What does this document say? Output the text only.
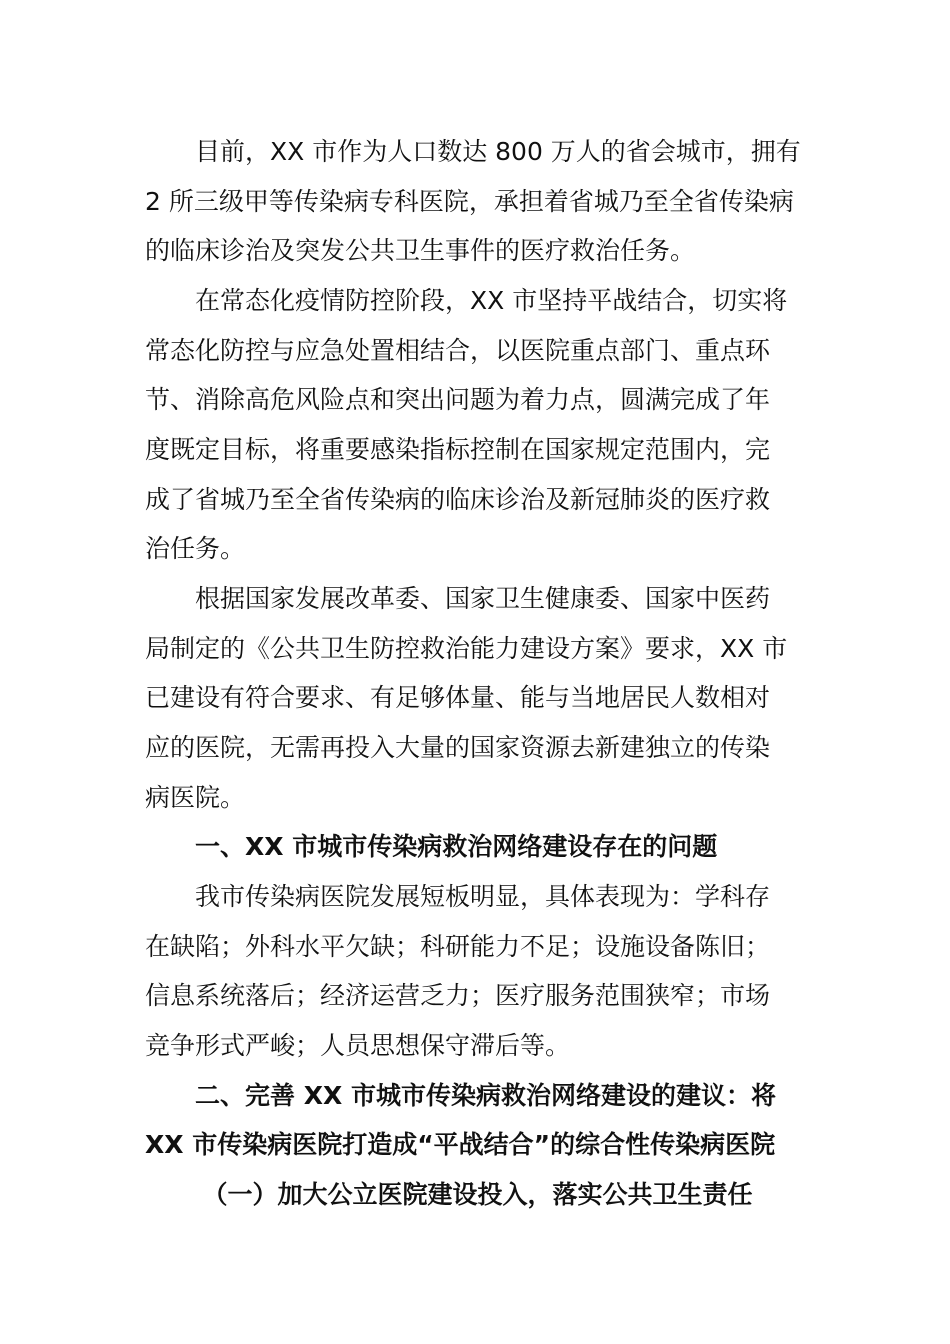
目前，XX 市作为人口数达 800 万人的省会城市，拥有
2 所三级甲等传染病专科医院，承担着省城乃至全省传染病
的临床诊治及突发公共卫生事件的医疗救治任务。
在常态化疫情防控阶段，XX 市坚持平战结合，切实将
常态化防控与应急处置相结合，以医院重点部门、重点环
节、消除高危风险点和突出问题为着力点，圆满完成了年
度既定目标，将重要感染指标控制在国家规定范围内，完
成了省城乃至全省传染病的临床诊治及新冠肺炎的医疗救
治任务。
根据国家发展改革委、国家卫生健康委、国家中医药
局制定的《公共卫生防控救治能力建设方案》要求，XX 市
已建设有符合要求、有足够体量、能与当地居民人数相对
应的医院，无需再投入大量的国家资源去新建独立的传染
病医院。
一、XX 市城市传染病救治网络建设存在的问题
我市传染病医院发展短板明显，具体表现为：学科存
在缺陷；外科水平欠缺；科研能力不足；设施设备陈旧；
信息系统落后；经济运营乏力；医疗服务范围狭窄；市场
竞争形式严峻；人员思想保守滞后等。
二、完善 XX 市城市传染病救治网络建设的建议：将
XX 市传染病医院打造成“平战结合”的综合性传染病医院
（一）加大公立医院建设投入，落实公共卫生责任
